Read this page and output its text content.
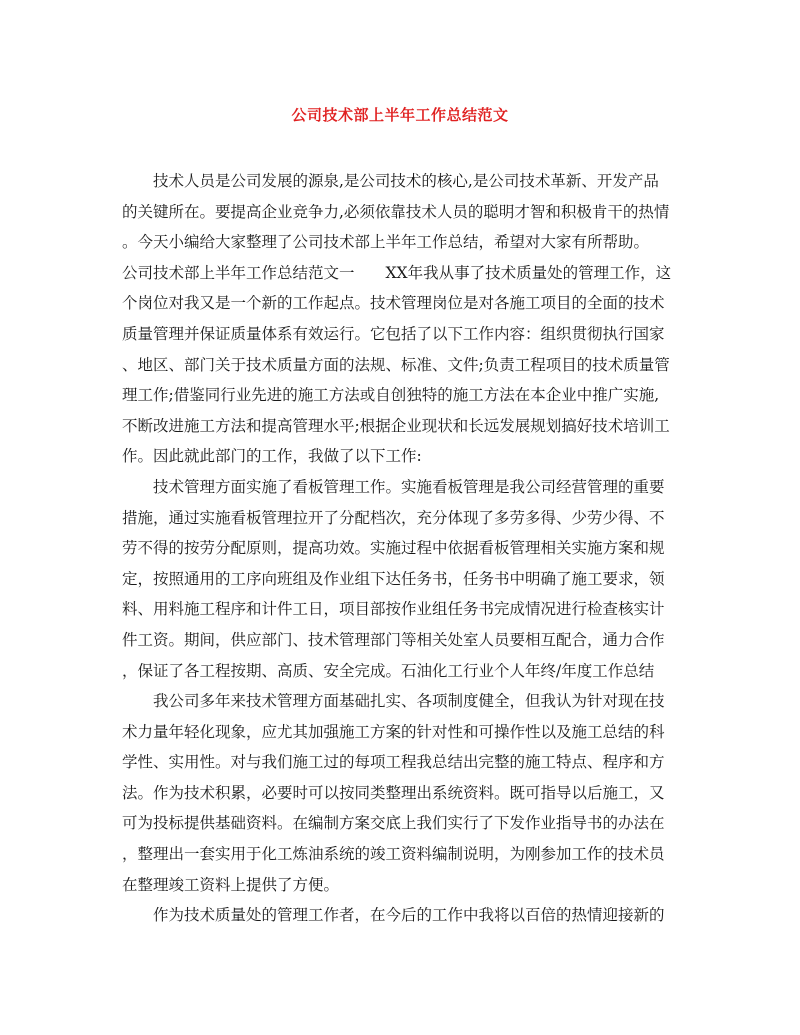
公司技术部上半年工作总结范文
技术人员是公司发展的源泉,是公司技术的核心,是公司技术革新、开发产品
的关键所在。要提高企业竞争力,必须依靠技术人员的聪明才智和积极肯干的热情
。今天小编给大家整理了公司技术部上半年工作总结，希望对大家有所帮助。
公司技术部上半年工作总结范文一　　XX年我从事了技术质量处的管理工作，这
个岗位对我又是一个新的工作起点。技术管理岗位是对各施工项目的全面的技术
质量管理并保证质量体系有效运行。它包括了以下工作内容：组织贯彻执行国家
、地区、部门关于技术质量方面的法规、标准、文件;负责工程项目的技术质量管
理工作;借鉴同行业先进的施工方法或自创独特的施工方法在本企业中推广实施,
不断改进施工方法和提高管理水平;根据企业现状和长远发展规划搞好技术培训工
作。因此就此部门的工作，我做了以下工作:
技术管理方面实施了看板管理工作。实施看板管理是我公司经营管理的重要
措施，通过实施看板管理拉开了分配档次，充分体现了多劳多得、少劳少得、不
劳不得的按劳分配原则，提高功效。实施过程中依据看板管理相关实施方案和规
定，按照通用的工序向班组及作业组下达任务书，任务书中明确了施工要求，领
料、用料施工程序和计件工日，项目部按作业组任务书完成情况进行检查核实计
件工资。期间，供应部门、技术管理部门等相关处室人员要相互配合，通力合作
，保证了各工程按期、高质、安全完成。石油化工行业个人年终/年度工作总结
我公司多年来技术管理方面基础扎实、各项制度健全，但我认为针对现在技
术力量年轻化现象，应尤其加强施工方案的针对性和可操作性以及施工总结的科
学性、实用性。对与我们施工过的每项工程我总结出完整的施工特点、程序和方
法。作为技术积累，必要时可以按同类整理出系统资料。既可指导以后施工，又
可为投标提供基础资料。在编制方案交底上我们实行了下发作业指导书的办法在
，整理出一套实用于化工炼油系统的竣工资料编制说明，为刚参加工作的技术员
在整理竣工资料上提供了方便。
作为技术质量处的管理工作者，在今后的工作中我将以百倍的热情迎接新的
